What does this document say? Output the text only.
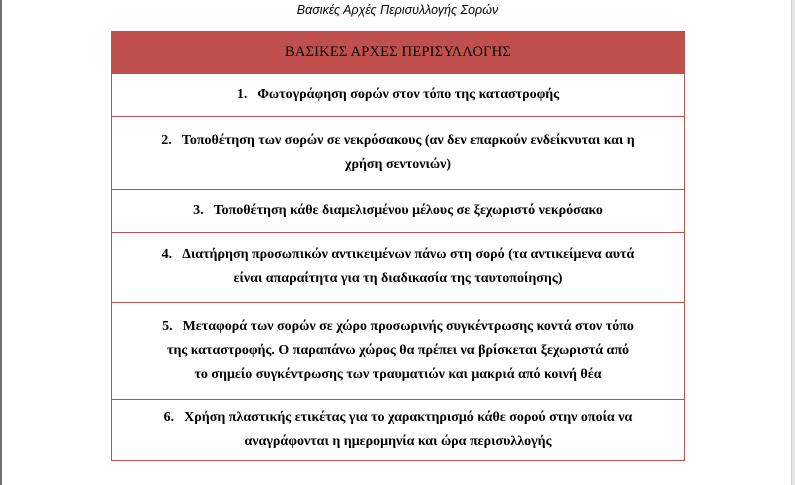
Βασικές Αρχές Περισυλλογής Σορών
ΒΑΣΙΚΕΣ ΑΡΧΕΣ ΠΕΡΙΣΥΛΛΟΓΗΣ
1. Φωτογράφηση σορών στον τόπο της καταστροφής
2. Τοποθέτηση των σορών σε νεκρόσακους (αν δεν επαρκούν ενδείκνυται και η
χρήση σεντονιών)
3. Τοποθέτηση κάθε διαμελισμένου μέλους σε ξεχωριστό νεκρόσακο
4. Διατήρηση προσωπικών αντικειμένων πάνω στη σορό (τα αντικείμενα αυτά
είναι απαραίτητα για τη διαδικασία της ταυτοποίησης)
5. Μεταφορά των σορών σε χώρο προσωρινής συγκέντρωσης κοντά στον τόπο
της καταστροφής. Ο παραπάνω χώρος θα πρέπει να βρίσκεται ξεχωριστά από
το σημείο συγκέντρωσης των τραυματιών και μακριά από κοινή θέα
6. Χρήση πλαστικής ετικέτας για το χαρακτηρισμό κάθε σορού στην οποία να
αναγράφονται η ημερομηνία και ώρα περισυλλογής
